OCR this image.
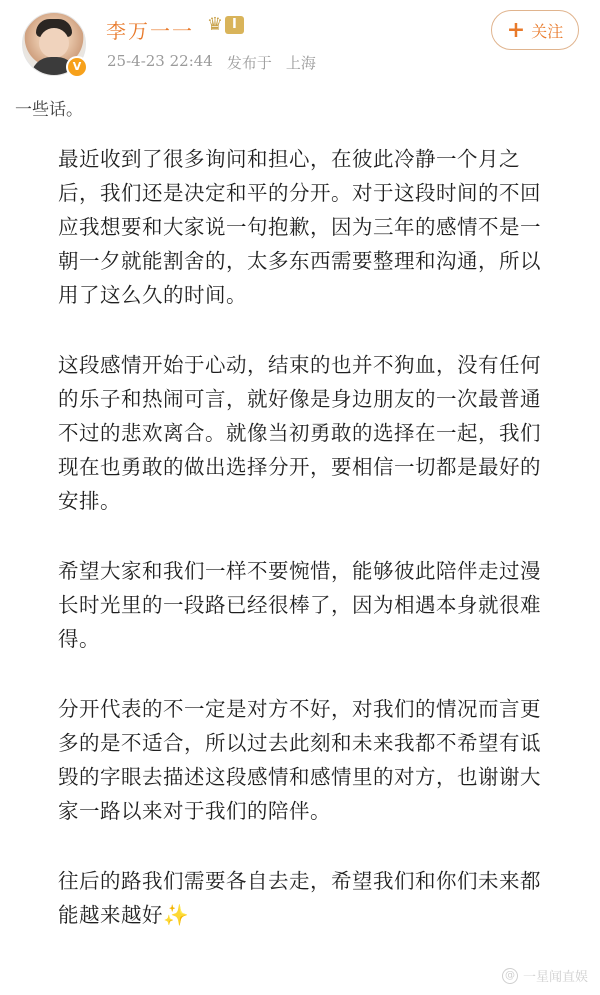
V
李万一一 ♛ I
25-4-23 22:44 发布于 上海
+ 关注
一些话。

最近收到了很多询问和担心，在彼此冷静一个月之后，我们还是决定和平的分开。对于这段时间的不回应我想要和大家说一句抱歉，因为三年的感情不是一朝一夕就能割舍的，太多东西需要整理和沟通，所以用了这么久的时间。

这段感情开始于心动，结束的也并不狗血，没有任何的乐子和热闹可言，就好像是身边朋友的一次最普通不过的悲欢离合。就像当初勇敢的选择在一起，我们现在也勇敢的做出选择分开，要相信一切都是最好的安排。

希望大家和我们一样不要惋惜，能够彼此陪伴走过漫长时光里的一段路已经很棒了，因为相遇本身就很难得。

分开代表的不一定是对方不好，对我们的情况而言更多的是不适合，所以过去此刻和未来我都不希望有诋毁的字眼去描述这段感情和感情里的对方，也谢谢大家一路以来对于我们的陪伴。

往后的路我们需要各自去走，希望我们和你们未来都能越来越好✨

@ 一星闻直娱
